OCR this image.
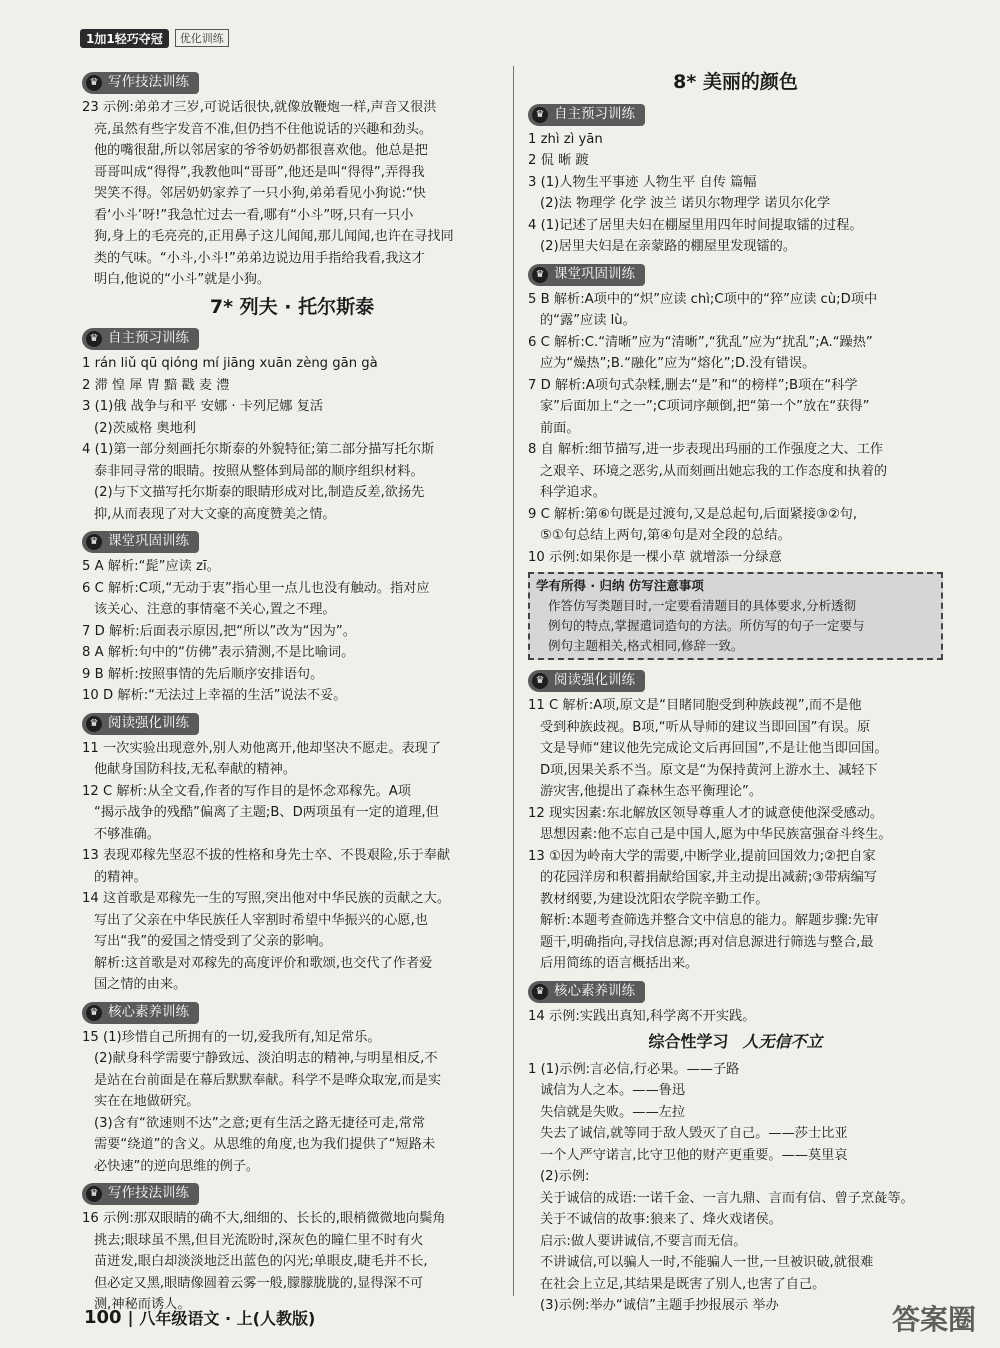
1加1轻巧夺冠	优化训练
♛ 写作技法训练
23 示例:弟弟才三岁,可说话很快,就像放鞭炮一样,声音又很洪
亮,虽然有些字发音不准,但仍挡不住他说话的兴趣和劲头。
他的嘴很甜,所以邻居家的爷爷奶奶都很喜欢他。他总是把
哥哥叫成“得得”,我教他叫“哥哥”,他还是叫“得得”,弄得我
哭笑不得。邻居奶奶家养了一只小狗,弟弟看见小狗说:“快
看‘小斗’呀!”我急忙过去一看,哪有“小斗”呀,只有一只小
狗,身上的毛亮亮的,正用鼻子这儿闻闻,那儿闻闻,也许在寻找同
类的气味。“小斗,小斗!”弟弟边说边用手指给我看,我这才
明白,他说的“小斗”就是小狗。
7* 列夫 · 托尔斯泰
♛ 自主预习训练
1 rán liǔ qū qióng mí jiāng xuān zèng gān gà
2 滞 惶 犀 胄 黯 戳 麦 澧
3 (1)俄 战争与和平 安娜 · 卡列尼娜 复活
(2)茨威格 奥地利
4 (1)第一部分刻画托尔斯泰的外貌特征;第二部分描写托尔斯
泰非同寻常的眼睛。按照从整体到局部的顺序组织材料。
(2)与下文描写托尔斯泰的眼睛形成对比,制造反差,欲扬先
抑,从而表现了对大文豪的高度赞美之情。
♛ 课堂巩固训练
5 A 解析:“髭”应读 zī。
6 C 解析:C项,“无动于衷”指心里一点儿也没有触动。指对应
该关心、注意的事情毫不关心,置之不理。
7 D 解析:后面表示原因,把“所以”改为“因为”。
8 A 解析:句中的“仿佛”表示猜测,不是比喻词。
9 B 解析:按照事情的先后顺序安排语句。
10 D 解析:“无法过上幸福的生活”说法不妥。
♛ 阅读强化训练
11 一次实验出现意外,别人劝他离开,他却坚决不愿走。表现了
他献身国防科技,无私奉献的精神。
12 C 解析:从全文看,作者的写作目的是怀念邓稼先。A项
“揭示战争的残酷”偏离了主题;B、D两项虽有一定的道理,但
不够准确。
13 表现邓稼先坚忍不拔的性格和身先士卒、不畏艰险,乐于奉献
的精神。
14 这首歌是邓稼先一生的写照,突出他对中华民族的贡献之大。
写出了父亲在中华民族任人宰割时希望中华振兴的心愿,也
写出“我”的爱国之情受到了父亲的影响。
解析:这首歌是对邓稼先的高度评价和歌颂,也交代了作者爱
国之情的由来。
♛ 核心素养训练
15 (1)珍惜自己所拥有的一切,爱我所有,知足常乐。
(2)献身科学需要宁静致远、淡泊明志的精神,与明星相反,不
是站在台前面是在幕后默默奉献。科学不是哗众取宠,而是实
实在在地做研究。
(3)含有“欲速则不达”之意;更有生活之路无捷径可走,常常
需要“绕道”的含义。从思维的角度,也为我们提供了“短路未
必快速”的逆向思维的例子。
♛ 写作技法训练
16 示例:那双眼睛的确不大,细细的、长长的,眼梢微微地向鬓角
挑去;眼球虽不黑,但目光流盼时,深灰色的瞳仁里不时有火
苗迸发,眼白却淡淡地泛出蓝色的闪光;单眼皮,睫毛并不长,
但必定又黑,眼睛像圆着云雾一般,朦朦胧胧的,显得深不可
测,神秘而诱人。
8* 美丽的颜色
♛ 自主预习训练
1 zhì zì yān
2 侃 晰 踱
3 (1)人物生平事迹 人物生平 自传 篇幅
(2)法 物理学 化学 波兰 诺贝尔物理学 诺贝尔化学
4 (1)记述了居里夫妇在棚屋里用四年时间提取镭的过程。
(2)居里夫妇是在亲蒙路的棚屋里发现镭的。
♛ 课堂巩固训练
5 B 解析:A项中的“炽”应读 chì;C项中的“猝”应读 cù;D项中
的“露”应读 lù。
6 C 解析:C.“清晰”应为“清晰”,“犹乱”应为“扰乱”;A.“躁热”
应为“燥热”;B.“融化”应为“熔化”;D.没有错误。
7 D 解析:A项句式杂糅,删去“是”和“的榜样”;B项在“科学
家”后面加上“之一”;C项词序颠倒,把“第一个”放在“获得”
前面。
8 自 解析:细节描写,进一步表现出玛丽的工作强度之大、工作
之艰辛、环境之恶劣,从而刻画出她忘我的工作态度和执着的
科学追求。
9 C 解析:第⑥句既是过渡句,又是总起句,后面紧接③②句,
⑤①句总结上两句,第④句是对全段的总结。
10 示例:如果你是一棵小草 就增添一分绿意
学有所得 · 归纳 仿写注意事项
作答仿写类题目时,一定要看清题目的具体要求,分析透彻
例句的特点,掌握遣词造句的方法。所仿写的句子一定要与
例句主题相关,格式相同,修辞一致。
♛ 阅读强化训练
11 C 解析:A项,原文是“目睹同胞受到种族歧视”,而不是他
受到种族歧视。B项,“听从导师的建议当即回国”有误。原
文是导师“建议他先完成论文后再回国”,不是让他当即回国。
D项,因果关系不当。原文是“为保持黄河上游水土、减轻下
游灾害,他提出了森林生态平衡理论”。
12 现实因素:东北解放区领导尊重人才的诚意使他深受感动。
思想因素:他不忘自己是中国人,愿为中华民族富强奋斗终生。
13 ①因为岭南大学的需要,中断学业,提前回国效力;②把自家
的花园洋房和积蓄捐献给国家,并主动提出减薪;③带病编写
教材纲要,为建设沈阳农学院辛勤工作。
解析:本题考查筛选并整合文中信息的能力。解题步骤:先审
题干,明确指向,寻找信息源;再对信息源进行筛选与整合,最
后用简练的语言概括出来。
♛ 核心素养训练
14 示例:实践出真知,科学离不开实践。
综合性学习 人无信不立
1 (1)示例:言必信,行必果。——子路
诚信为人之本。——鲁迅
失信就是失败。——左拉
失去了诚信,就等同于敌人毁灭了自己。——莎士比亚
一个人严守诺言,比守卫他的财产更重要。——莫里哀
(2)示例:
关于诚信的成语:一诺千金、一言九鼎、言而有信、曾子烹彘等。
关于不诚信的故事:狼来了、烽火戏诸侯。
启示:做人要讲诚信,不要言而无信。
不讲诚信,可以骗人一时,不能骗人一世,一旦被识破,就很难
在社会上立足,其结果是既害了别人,也害了自己。
(3)示例:举办“诚信”主题手抄报展示 举办
100 | 八年级语文 · 上(人教版)	答案圈
